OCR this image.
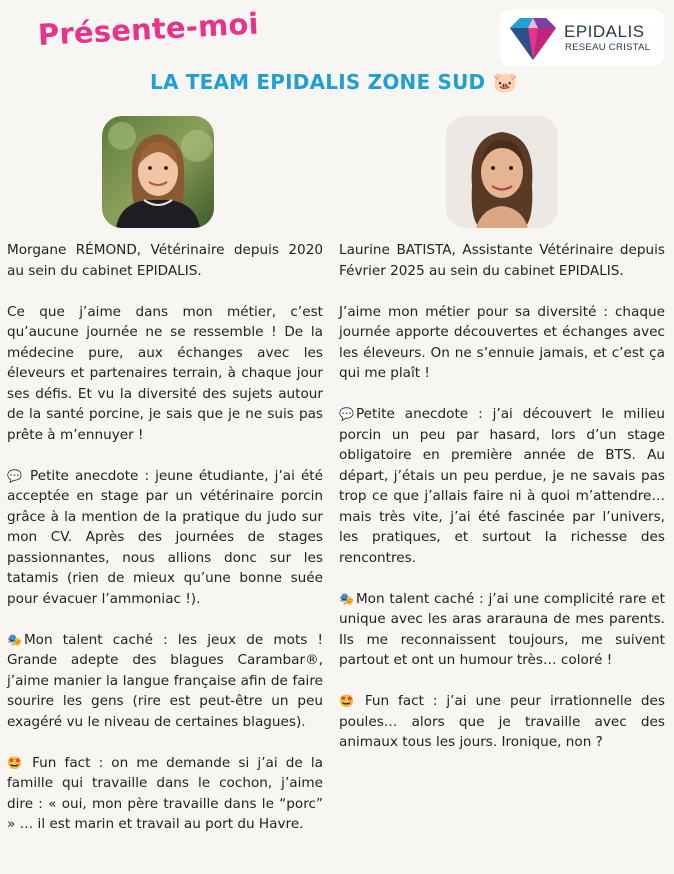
Présente-moi
LA TEAM EPIDALIS ZONE SUD 🐷
EPIDALIS
RESEAU CRISTAL

Morgane RÉMOND, Vétérinaire depuis 2020 au sein du cabinet EPIDALIS.

Ce que j’aime dans mon métier, c’est qu’aucune journée ne se ressemble ! De la médecine pure, aux échanges avec les éleveurs et partenaires terrain, à chaque jour ses défis. Et vu la diversité des sujets autour de la santé porcine, je sais que je ne suis pas prête à m’ennuyer !

💬 Petite anecdote : jeune étudiante, j’ai été acceptée en stage par un vétérinaire porcin grâce à la mention de la pratique du judo sur mon CV. Après des journées de stages passionnantes, nous allions donc sur les tatamis (rien de mieux qu’une bonne suée pour évacuer l’ammoniac !).

🎭 Mon talent caché : les jeux de mots ! Grande adepte des blagues Carambar®, j’aime manier la langue française afin de faire sourire les gens (rire est peut-être un peu exagéré vu le niveau de certaines blagues).

🤩 Fun fact : on me demande si j’ai de la famille qui travaille dans le cochon, j’aime dire : « oui, mon père travaille dans le “porc” » … il est marin et travail au port du Havre.

Laurine BATISTA, Assistante Vétérinaire depuis Février 2025 au sein du cabinet EPIDALIS.

J’aime mon métier pour sa diversité : chaque journée apporte découvertes et échanges avec les éleveurs. On ne s’ennuie jamais, et c’est ça qui me plaît !

💬 Petite anecdote : j’ai découvert le milieu porcin un peu par hasard, lors d’un stage obligatoire en première année de BTS. Au départ, j’étais un peu perdue, je ne savais pas trop ce que j’allais faire ni à quoi m’attendre… mais très vite, j’ai été fascinée par l’univers, les pratiques, et surtout la richesse des rencontres.

🎭 Mon talent caché : j’ai une complicité rare et unique avec les aras ararauna de mes parents. Ils me reconnaissent toujours, me suivent partout et ont un humour très… coloré !

🤩 Fun fact : j’ai une peur irrationnelle des poules… alors que je travaille avec des animaux tous les jours. Ironique, non ?
